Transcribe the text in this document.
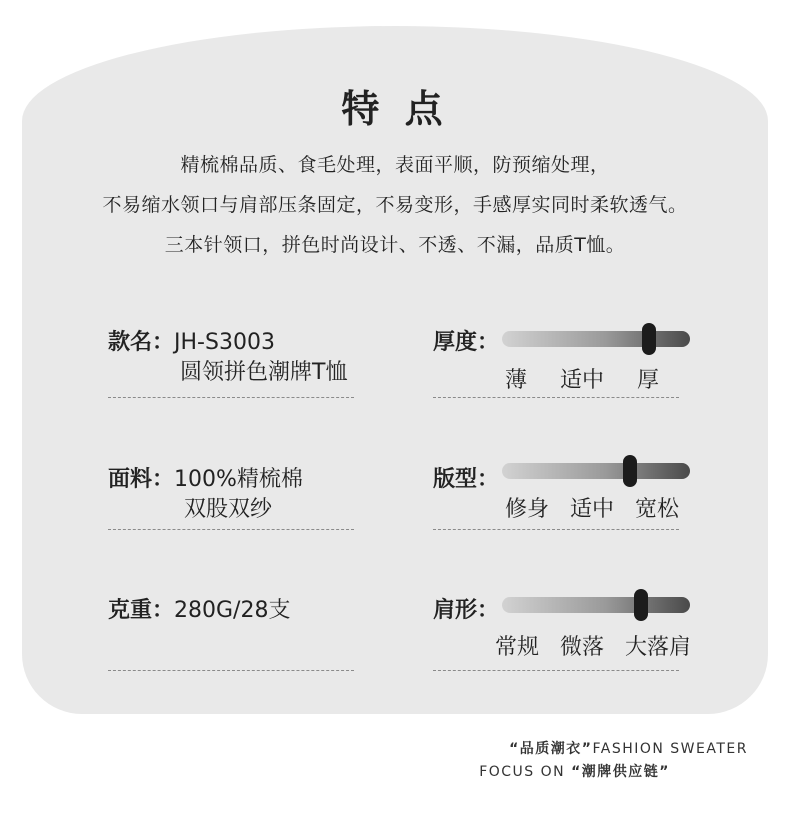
特 点
精梳棉品质、食毛处理，表面平顺，防预缩处理，
不易缩水领口与肩部压条固定，不易变形，手感厚实同时柔软透气。
三本针领口，拼色时尚设计、不透、不漏，品质T恤。
款名：JH-S3003
圆领拼色潮牌T恤
面料：100%精梳棉
双股双纱
克重：280G/28支
厚度：
薄 适中 厚
版型：
修身 适中 宽松
肩形：
常规 微落 大落肩
“品质潮衣”FASHION SWEATER
FOCUS ON “潮牌供应链”
